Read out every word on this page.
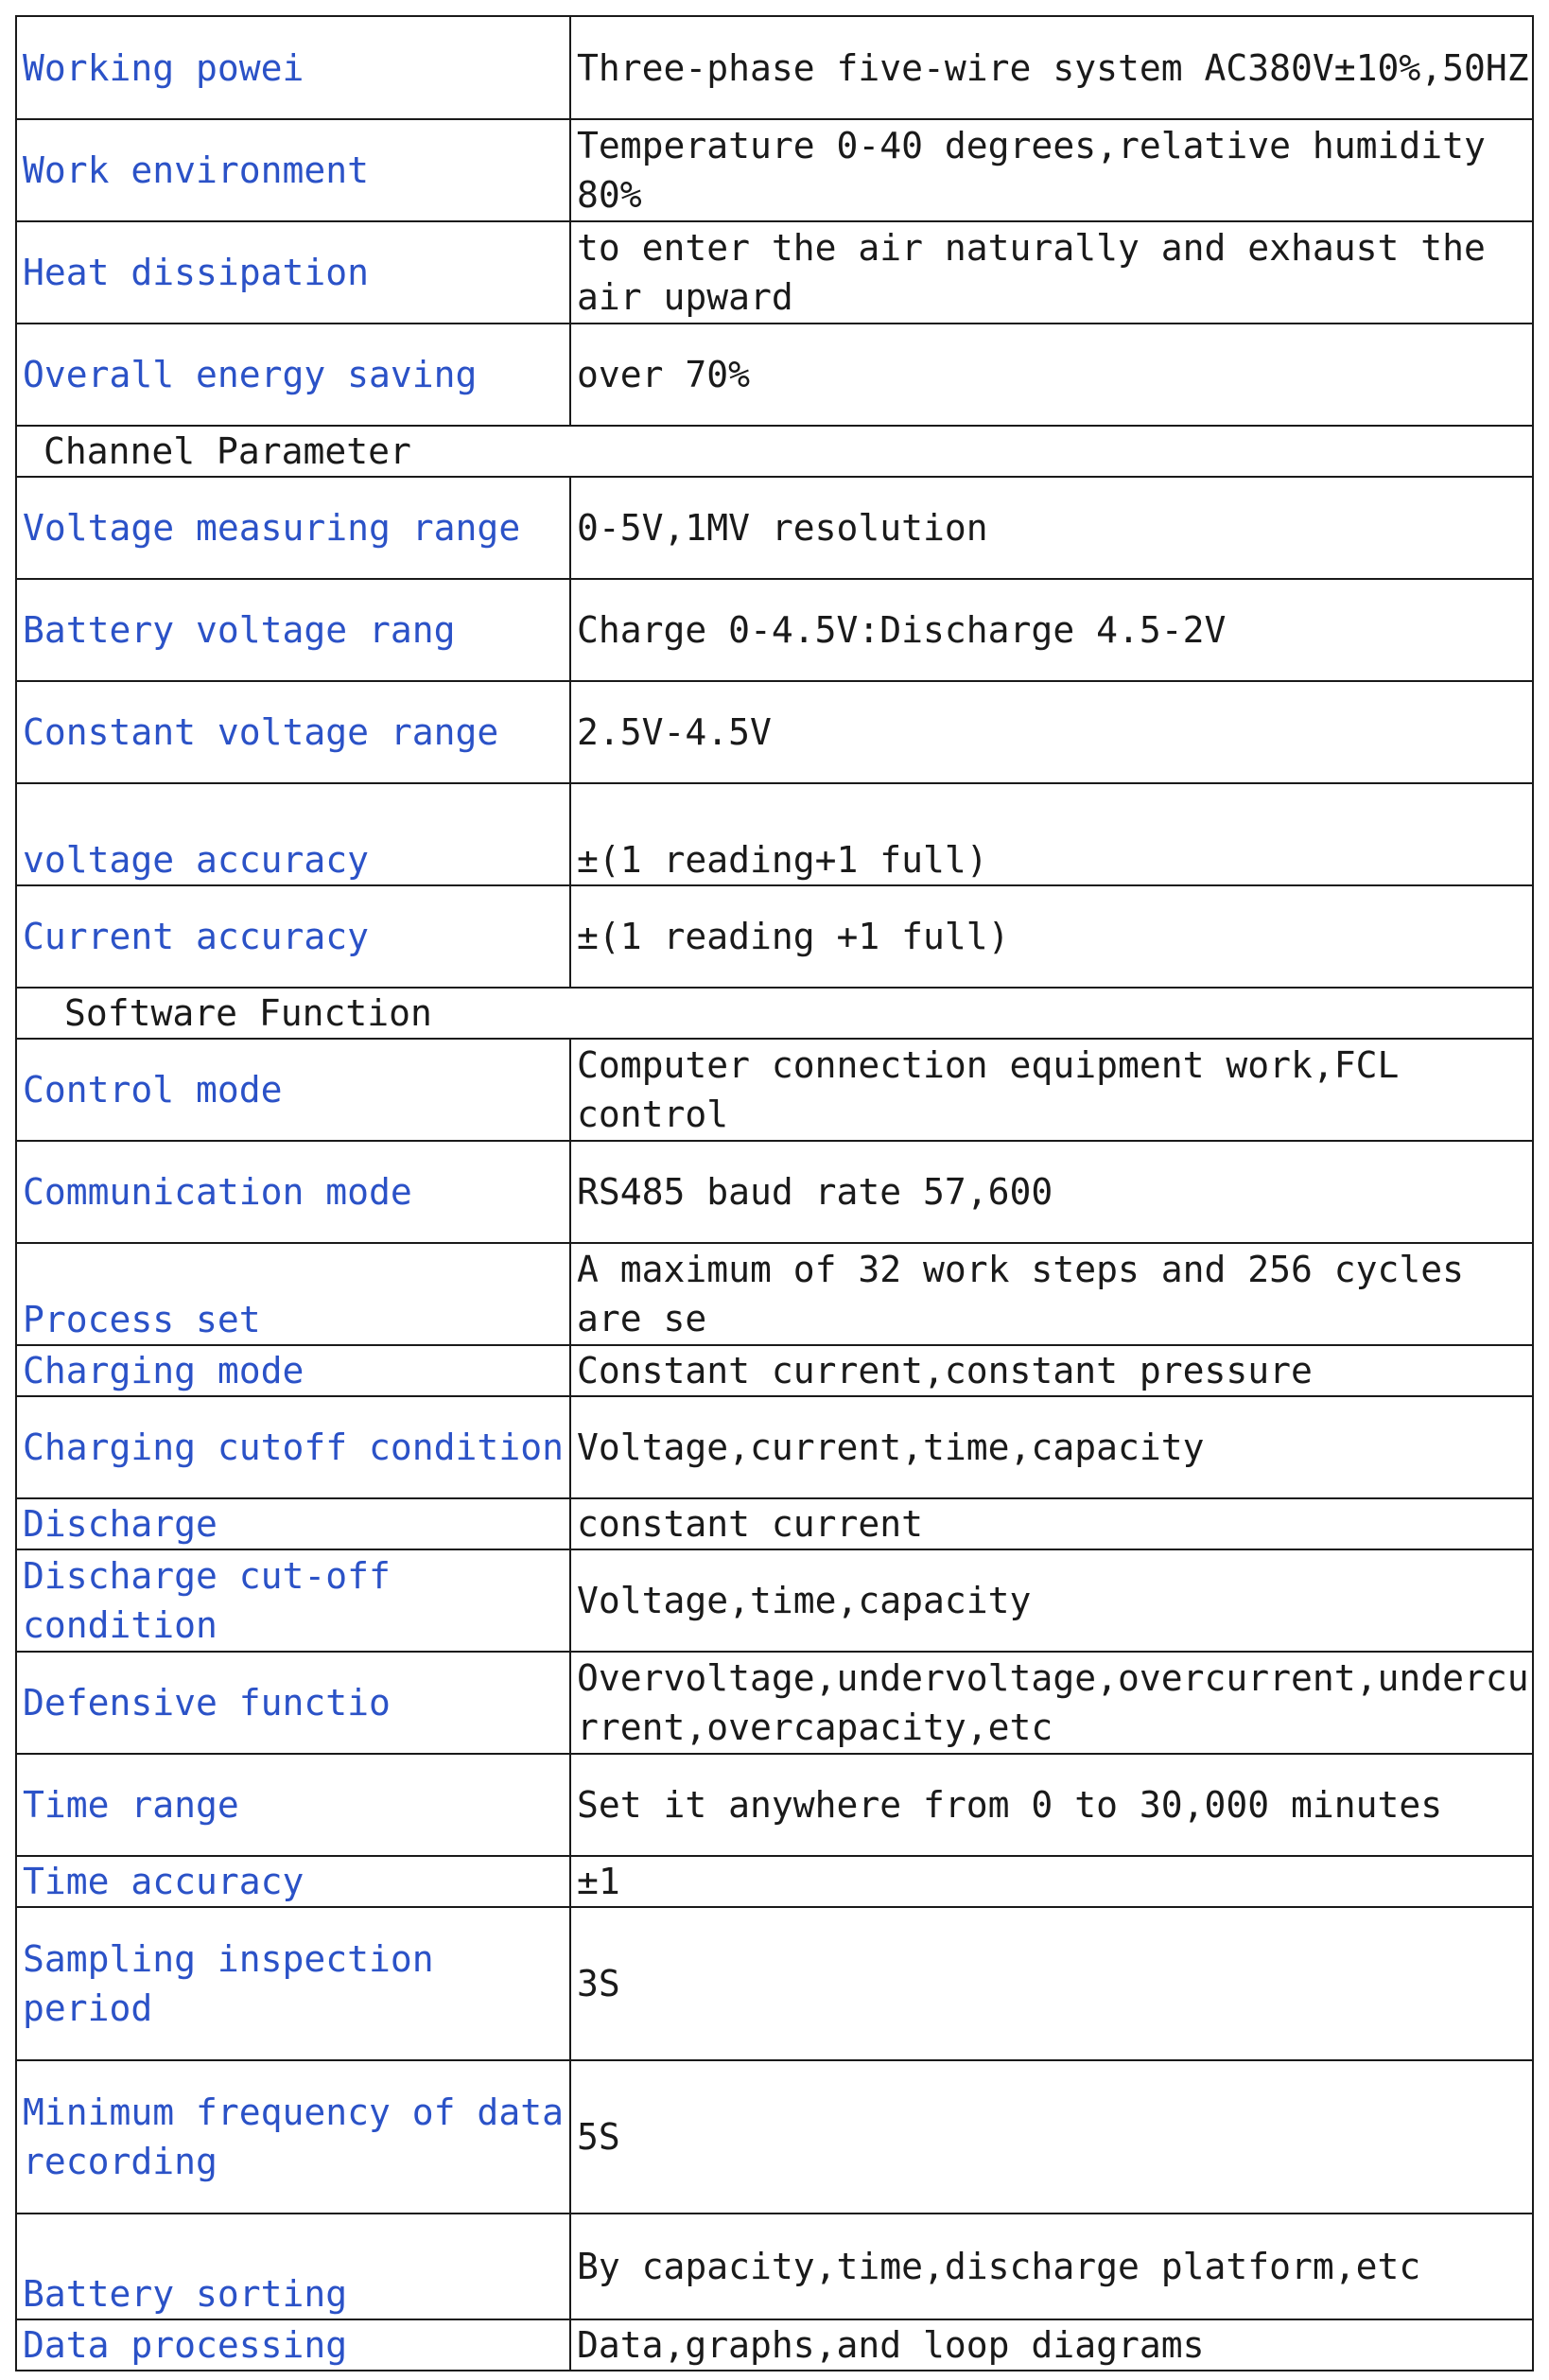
Working powei	Three-phase five-wire system AC380V±10%,50HZ
Work environment	Temperature 0-40 degrees,relative humidity 80%
Heat dissipation	to enter the air naturally and exhaust the air upward
Overall energy saving	over 70%
Channel Parameter	
Voltage measuring range	0-5V,1MV resolution
Battery voltage rang	Charge 0-4.5V:Discharge 4.5-2V
Constant voltage range	2.5V-4.5V
voltage accuracy	±(1 reading+1 full)
Current accuracy	±(1 reading +1 full)
Software Function	
Control mode	Computer connection equipment work,FCL control
Communication mode	RS485 baud rate 57,600
Process set	A maximum of 32 work steps and 256 cycles are se
Charging mode	Constant current,constant pressure
Charging cutoff condition	Voltage,current,time,capacity
Discharge	constant current
Discharge cut-off condition	Voltage,time,capacity
Defensive functio	Overvoltage,undervoltage,overcurrent,undercurrent,overcapacity,etc
Time range	Set it anywhere from 0 to 30,000 minutes
Time accuracy	±1
Sampling inspection period	3S
Minimum frequency of data recording	5S
Battery sorting	By capacity,time,discharge platform,etc
Data processing	Data,graphs,and loop diagrams
